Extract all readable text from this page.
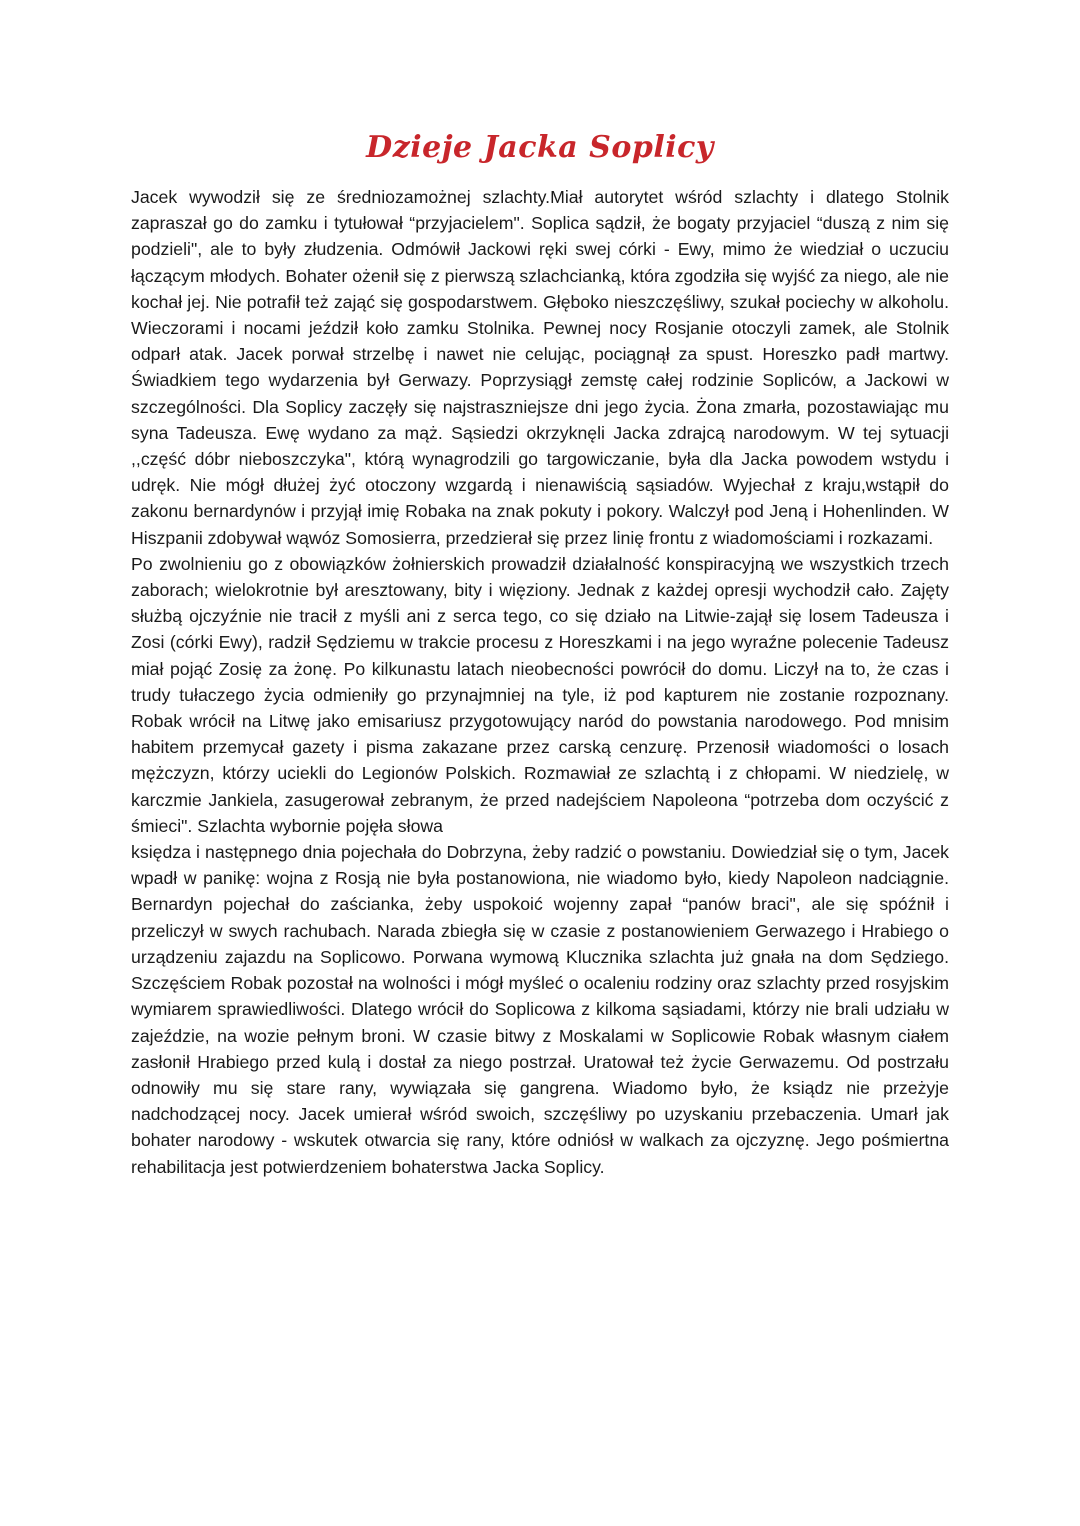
Dzieje Jacka Soplicy

Jacek wywodził się ze średniozamożnej szlachty.Miał autorytet wśród szlachty i dlatego Stolnik zapraszał go do zamku i tytułował “przyjacielem". Soplica sądził, że bogaty przyjaciel “duszą z nim się podzieli", ale to były złudzenia. Odmówił Jackowi ręki swej córki - Ewy, mimo że wiedział o uczuciu łączącym młodych. Bohater ożenił się z pierwszą szlachcianką, która zgodziła się wyjść za niego, ale nie kochał jej. Nie potrafił też zająć się gospodarstwem. Głęboko nieszczęśliwy, szukał pociechy w alkoholu. Wieczorami i nocami jeździł koło zamku Stolnika. Pewnej nocy Rosjanie otoczyli zamek, ale Stolnik odparł atak. Jacek porwał strzelbę i nawet nie celując, pociągnął za spust. Horeszko padł martwy. Świadkiem tego wydarzenia był Gerwazy. Poprzysiągł zemstę całej rodzinie Sopliców, a Jackowi w szczególności. Dla Soplicy zaczęły się najstraszniejsze dni jego życia. Żona zmarła, pozostawiając mu syna Tadeusza. Ewę wydano za mąż. Sąsiedzi okrzyknęli Jacka zdrajcą narodowym. W tej sytuacji ,,część dóbr nieboszczyka", którą wynagrodzili go targowiczanie, była dla Jacka powodem wstydu i udręk. Nie mógł dłużej żyć otoczony wzgardą i nienawiścią sąsiadów. Wyjechał z kraju,wstąpił do zakonu bernardynów i przyjął imię Robaka na znak pokuty i pokory. Walczył pod Jeną i Hohenlinden. W Hiszpanii zdobywał wąwóz Somosierra, przedzierał się przez linię frontu z wiadomościami i rozkazami.

Po zwolnieniu go z obowiązków żołnierskich prowadził działalność konspiracyjną we wszystkich trzech zaborach; wielokrotnie był aresztowany, bity i więziony. Jednak z każdej opresji wychodził cało. Zajęty służbą ojczyźnie nie tracił z myśli ani z serca tego, co się działo na Litwie-zajął się losem Tadeusza i Zosi (córki Ewy), radził Sędziemu w trakcie procesu z Horeszkami i na jego wyraźne polecenie Tadeusz miał pojąć Zosię za żonę. Po kilkunastu latach nieobecności powrócił do domu. Liczył na to, że czas i trudy tułaczego życia odmieniły go przynajmniej na tyle, iż pod kapturem nie zostanie rozpoznany. Robak wrócił na Litwę jako emisariusz przygotowujący naród do powstania narodowego. Pod mnisim habitem przemycał gazety i pisma zakazane przez carską cenzurę. Przenosił wiadomości o losach mężczyzn, którzy uciekli do Legionów Polskich. Rozmawiał ze szlachtą i z chłopami. W niedzielę, w karczmie Jankiela, zasugerował zebranym, że przed nadejściem Napoleona “potrzeba dom oczyścić z śmieci". Szlachta wybornie pojęła słowa

księdza i następnego dnia pojechała do Dobrzyna, żeby radzić o powstaniu. Dowiedział się o tym, Jacek wpadł w panikę: wojna z Rosją nie była postanowiona, nie wiadomo było, kiedy Napoleon nadciągnie. Bernardyn pojechał do zaścianka, żeby uspokoić wojenny zapał “panów braci", ale się spóźnił i przeliczył w swych rachubach. Narada zbiegła się w czasie z postanowieniem Gerwazego i Hrabiego o urządzeniu zajazdu na Soplicowo. Porwana wymową Klucznika szlachta już gnała na dom Sędziego. Szczęściem Robak pozostał na wolności i mógł myśleć o ocaleniu rodziny oraz szlachty przed rosyjskim wymiarem sprawiedliwości. Dlatego wrócił do Soplicowa z kilkoma sąsiadami, którzy nie brali udziału w zajeździe, na wozie pełnym broni. W czasie bitwy z Moskalami w Soplicowie Robak własnym ciałem zasłonił Hrabiego przed kulą i dostał za niego postrzał. Uratował też życie Gerwazemu. Od postrzału odnowiły mu się stare rany, wywiązała się gangrena. Wiadomo było, że ksiądz nie przeżyje nadchodzącej nocy. Jacek umierał wśród swoich, szczęśliwy po uzyskaniu przebaczenia. Umarł jak bohater narodowy - wskutek otwarcia się rany, które odniósł w walkach za ojczyznę. Jego pośmiertna rehabilitacja jest potwierdzeniem bohaterstwa Jacka Soplicy.
